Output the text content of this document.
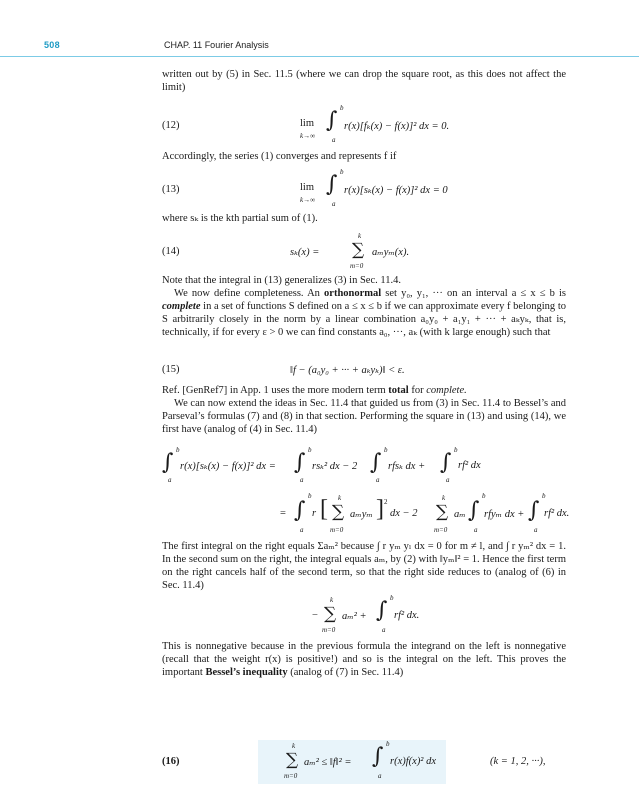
508	CHAP. 11 Fourier Analysis
written out by (5) in Sec. 11.5 (where we can drop the square root, as this does not affect the limit)
(12)	lim
k→∞
∫ b
a
r(x)[fₖ(x) − f(x)]² dx = 0.
Accordingly, the series (1) converges and represents f if
(13)	lim
k→∞
∫ b
a
r(x)[sₖ(x) − f(x)]² dx = 0
where sₖ is the kth partial sum of (1).
(14)	sₖ(x) =
k
∑
m=0
aₘyₘ(x).
Note that the integral in (13) generalizes (3) in Sec. 11.4.
We now define completeness. An orthonormal set y₀, y₁, ··· on an interval a ≤ x ≤ b is complete in a set of functions S defined on a ≤ x ≤ b if we can approximate every f belonging to S arbitrarily closely in the norm by a linear combination a₀y₀ + a₁y₁ + ··· + aₖyₖ, that is, technically, if for every ε > 0 we can find constants a₀, ···, aₖ (with k large enough) such that
(15)	‖f − (a₀y₀ + ··· + aₖyₖ)‖ < ε.
Ref. [GenRef7] in App. 1 uses the more modern term total for complete.
We can now extend the ideas in Sec. 11.4 that guided us from (3) in Sec. 11.4 to Bessel’s and Parseval’s formulas (7) and (8) in that section. Performing the square in (13) and using (14), we first have (analog of (4) in Sec. 11.4)
∫ b
a
r(x)[sₖ(x) − f(x)]² dx = ∫ b
a
rsₖ² dx − 2 ∫ b
a
rfsₖ dx + ∫ b
a
rf² dx
= ∫
b
a
r [ k
∑
m=0
aₘyₘ ] 2
dx − 2
k
∑
m=0
aₘ ∫
b
a
rfyₘ dx + ∫
b
a
rf² dx.
The first integral on the right equals Σaₘ² because ∫ r yₘ yₗ dx = 0 for m ≠ l, and ∫ r yₘ² dx = 1. In the second sum on the right, the integral equals aₘ, by (2) with ‖yₘ‖² = 1. Hence the first term on the right cancels half of the second term, so that the right side reduces to (analog of (6) in Sec. 11.4)
−
k
∑
m=0
aₘ² + ∫ b
a
rf² dx.
This is nonnegative because in the previous formula the integrand on the left is nonnegative (recall that the weight r(x) is positive!) and so is the integral on the left. This proves the important Bessel’s inequality (analog of (7) in Sec. 11.4)
(16)
k
∑
m=0
aₘ² ≤ ‖f‖² = ∫ b
a
r(x)f(x)² dx	(k = 1, 2, ···),
